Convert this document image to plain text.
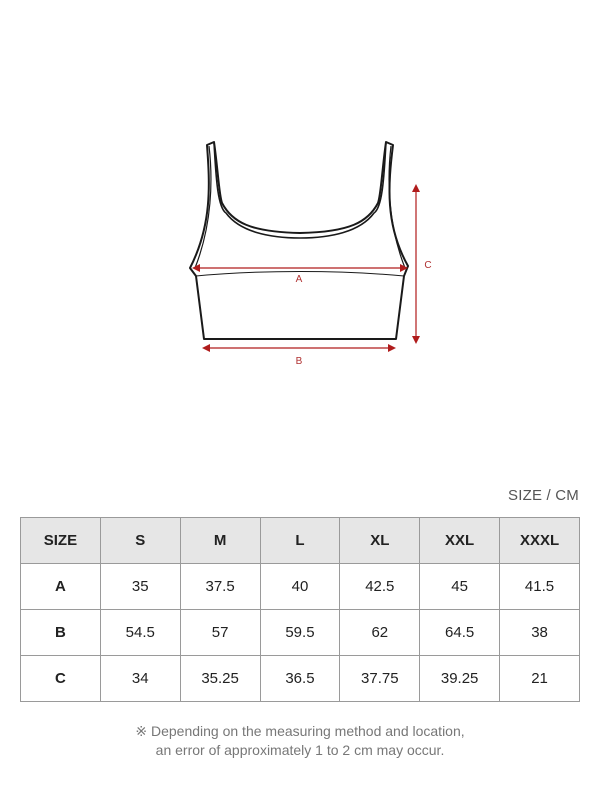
A
B
C
SIZE / CM
SIZE	S	M	L	XL	XXL	XXXL
A	35	37.5	40	42.5	45	41.5
B	54.5	57	59.5	62	64.5	38
C	34	35.25	36.5	37.75	39.25	21
※ Depending on the measuring method and location,
an error of approximately 1 to 2 cm may occur.
